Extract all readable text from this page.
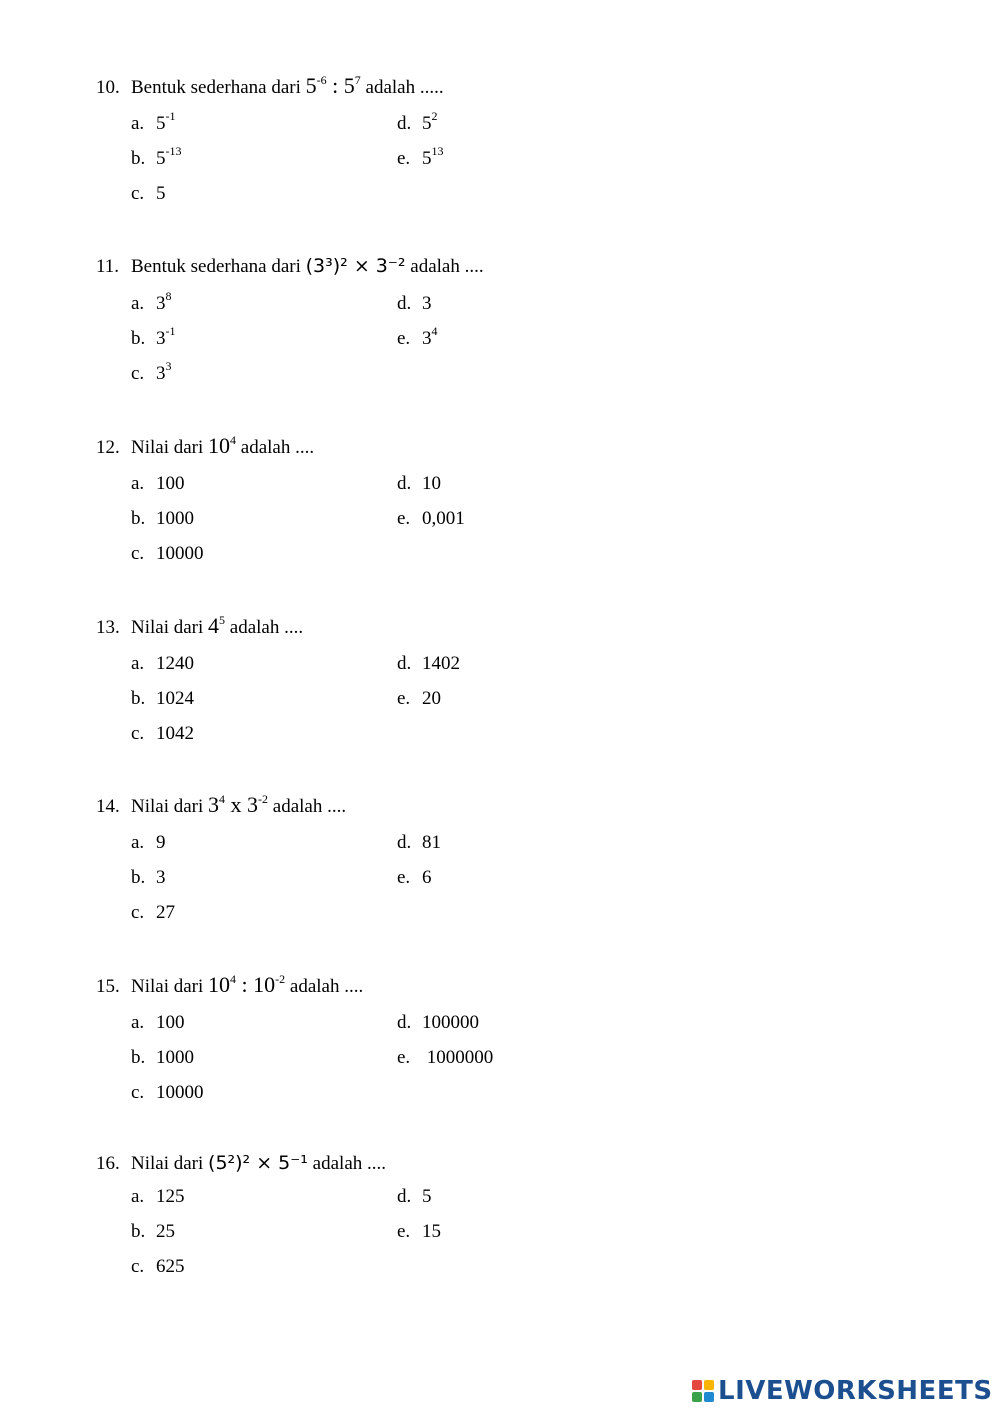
10. Bentuk sederhana dari $5^{-6}$ : $5^7$ adalah .....
a. $5^{-1}$
b. $5^{-13}$
c. 5
d. $5^2$
e. $5^{13}$
11. Bentuk sederhana dari (3³)² × 3⁻² adalah ....
a. $3^8$
b. $3^{-1}$
c. $3^3$
d. 3
e. $3^4$
12. Nilai dari $10^4$ adalah ....
a. 100
b. 1000
c. 10000
d. 10
e. 0,001
13. Nilai dari $4^5$ adalah ....
a. 1240
b. 1024
c. 1042
d. 1402
e. 20
14. Nilai dari $3^4$ x $3^{-2}$ adalah ....
a. 9
b. 3
c. 27
d. 81
e. 6
15. Nilai dari $10^4$ : $10^{-2}$ adalah ....
a. 100
b. 1000
c. 10000
d. 100000
e. 1000000
16. Nilai dari (5²)² × 5⁻¹ adalah ....
a. 125
b. 25
c. 625
d. 5
e. 15
LIVEWORKSHEETS
